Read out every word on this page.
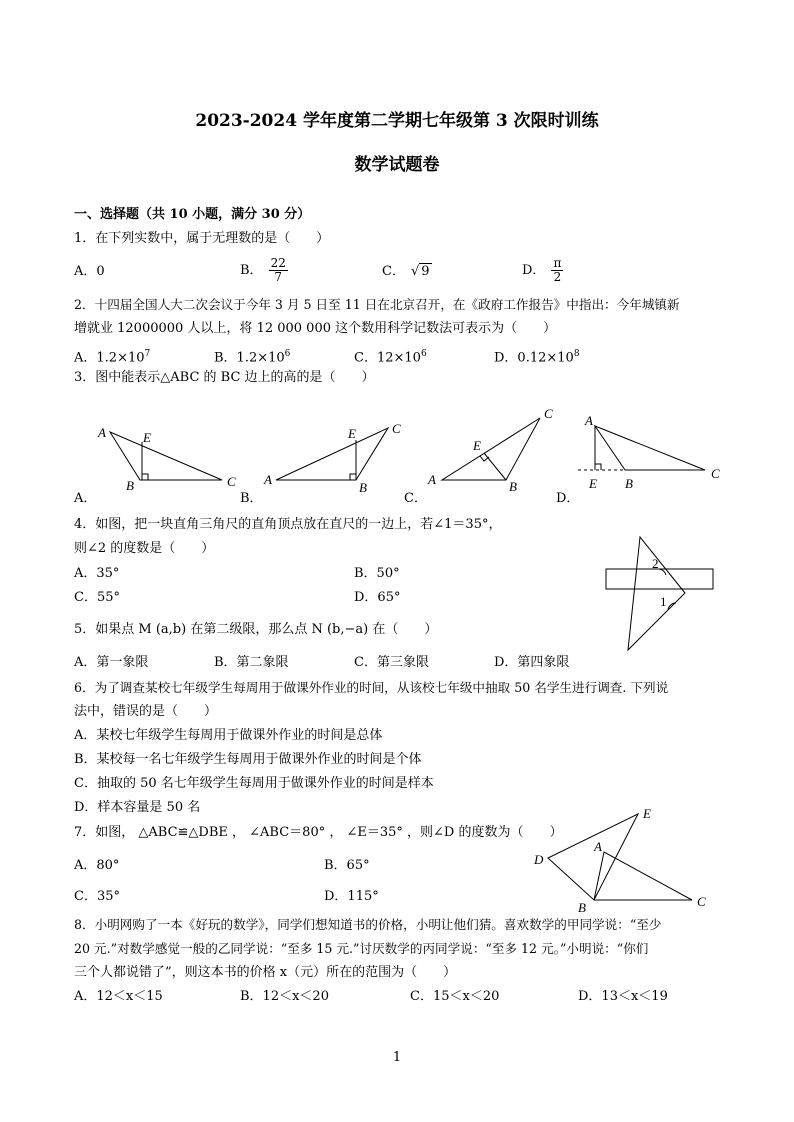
2023-2024 学年度第二学期七年级第 3 次限时训练
数学试题卷
一、选择题（共 10 小题，满分 30 分）
1．在下列实数中，属于无理数的是（　　）
A．0	B． $\frac{22}{7}$	C． √ 9	D． $\frac{\pi}{2}$
2．十四届全国人大二次会议于今年 3 月 5 日至 11 日在北京召开，在《政府工作报告》中指出：今年城镇新
增就业 12000000 人以上，将 12 000 000 这个数用科学记数法可表示为（　　）
A．$1.2\times 10^7$	B．$1.2\times 10^6$	C．$12\times 10^6$	D．$0.12\times 10^8$
3．图中能表示△ABC 的 BC 边上的高的是（　　）
A	E
B	C A
E
B
C
A
E
B
C A
E B
C
A．	B．	C．	D．
4．如图，把一块直角三角尺的直角顶点放在直尺的一边上，若∠1＝35°，
则∠2 的度数是（　　）
A．35°	B．50°
C．55°	D．65°
2
1
5．如果点 M (a,b) 在第二级限，那么点 N (b,−a) 在（　　）
A．第一象限	B．第二象限	C．第三象限	D．第四象限
6．为了调查某校七年级学生每周用于做课外作业的时间，从该校七年级中抽取 50 名学生进行调查. 下列说
法中，错误的是（　　）
A．某校七年级学生每周用于做课外作业的时间是总体
B．某校每一名七年级学生每周用于做课外作业的时间是个体
C．抽取的 50 名七年级学生每周用于做课外作业的时间是样本
D．样本容量是 50 名
7．如图， △ABC≌△DBE ， ∠ABC＝80° ， ∠E＝35° ，则∠D 的度数为（　　）
A．80°	B．65°
C．35°	D．115°
D
E
A
B	C
8．小明网购了一本《好玩的数学》，同学们想知道书的价格，小明让他们猜。喜欢数学的甲同学说：“至少
20 元.”对数学感觉一般的乙同学说：“至多 15 元.”讨厌数学的丙同学说：“至多 12 元。”小明说：“你们
三个人都说错了”，则这本书的价格 x（元）所在的范围为（　　）
A．12＜x＜15	B．12＜x＜20	C．15＜x＜20	D．13＜x＜19
1
